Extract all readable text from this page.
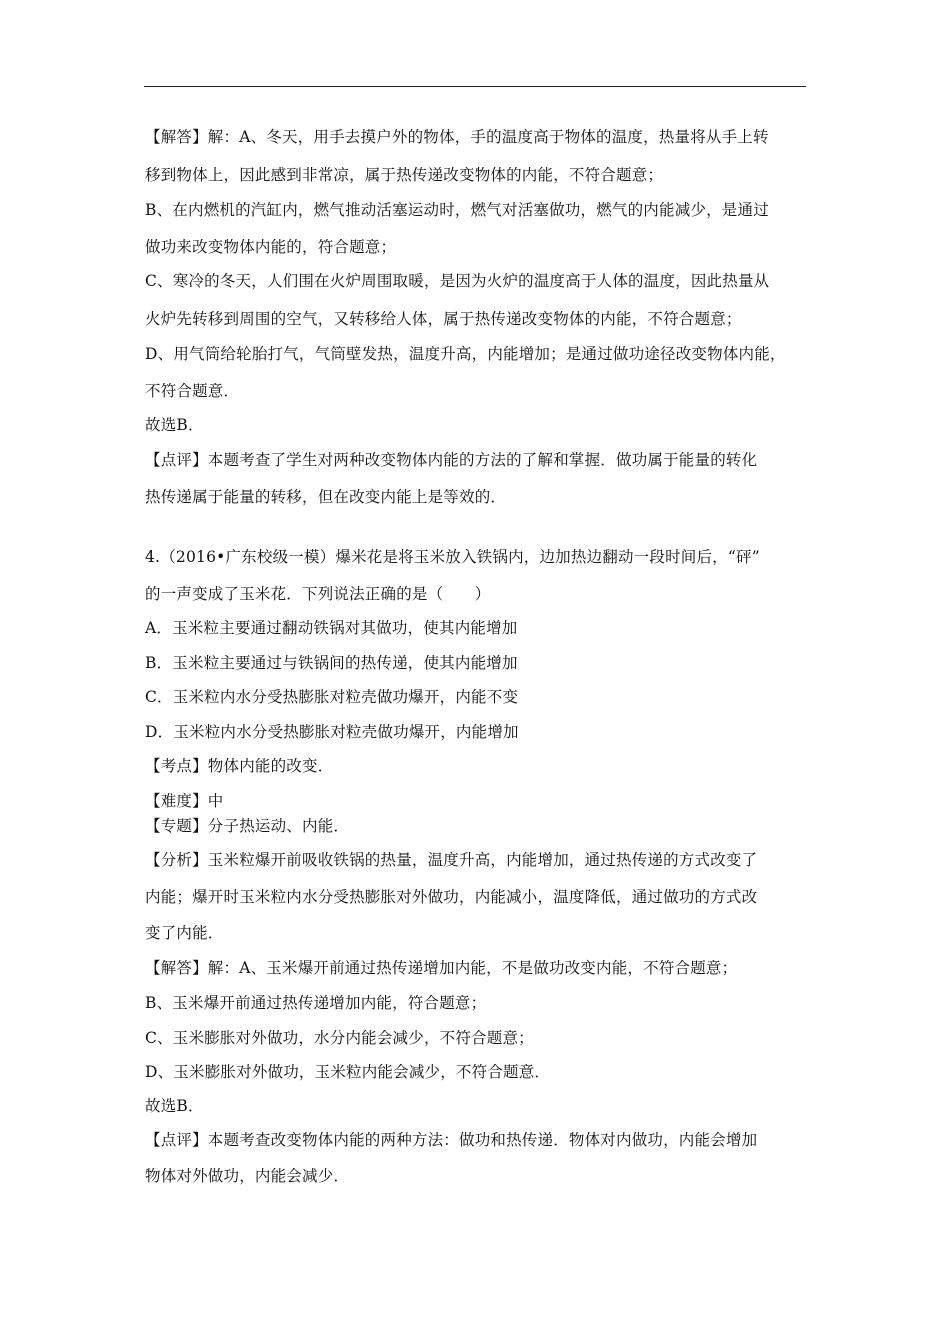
【解答】解：A、冬天，用手去摸户外的物体，手的温度高于物体的温度，热量将从手上转
移到物体上，因此感到非常凉，属于热传递改变物体的内能，不符合题意；
B、在内燃机的汽缸内，燃气推动活塞运动时，燃气对活塞做功，燃气的内能减少，是通过
做功来改变物体内能的，符合题意；
C、寒冷的冬天，人们围在火炉周围取暖，是因为火炉的温度高于人体的温度，因此热量从
火炉先转移到周围的空气，又转移给人体，属于热传递改变物体的内能，不符合题意；
D、用气筒给轮胎打气，气筒壁发热，温度升高，内能增加；是通过做功途径改变物体内能，
不符合题意．
故选B．
【点评】本题考查了学生对两种改变物体内能的方法的了解和掌握．做功属于能量的转化
热传递属于能量的转移，但在改变内能上是等效的．
4.（2016•广东校级一模）爆米花是将玉米放入铁锅内，边加热边翻动一段时间后，“砰”
的一声变成了玉米花．下列说法正确的是（　　）
A．玉米粒主要通过翻动铁锅对其做功，使其内能增加
B．玉米粒主要通过与铁锅间的热传递，使其内能增加
C．玉米粒内水分受热膨胀对粒壳做功爆开，内能不变
D．玉米粒内水分受热膨胀对粒壳做功爆开，内能增加
【考点】物体内能的改变．
【难度】中
【专题】分子热运动、内能．
【分析】玉米粒爆开前吸收铁锅的热量，温度升高，内能增加，通过热传递的方式改变了
内能；爆开时玉米粒内水分受热膨胀对外做功，内能减小，温度降低，通过做功的方式改
变了内能．
【解答】解：A、玉米爆开前通过热传递增加内能，不是做功改变内能，不符合题意；
B、玉米爆开前通过热传递增加内能，符合题意；
C、玉米膨胀对外做功，水分内能会减少，不符合题意；
D、玉米膨胀对外做功，玉米粒内能会减少，不符合题意．
故选B．
【点评】本题考查改变物体内能的两种方法：做功和热传递．物体对内做功，内能会增加
物体对外做功，内能会减少．
